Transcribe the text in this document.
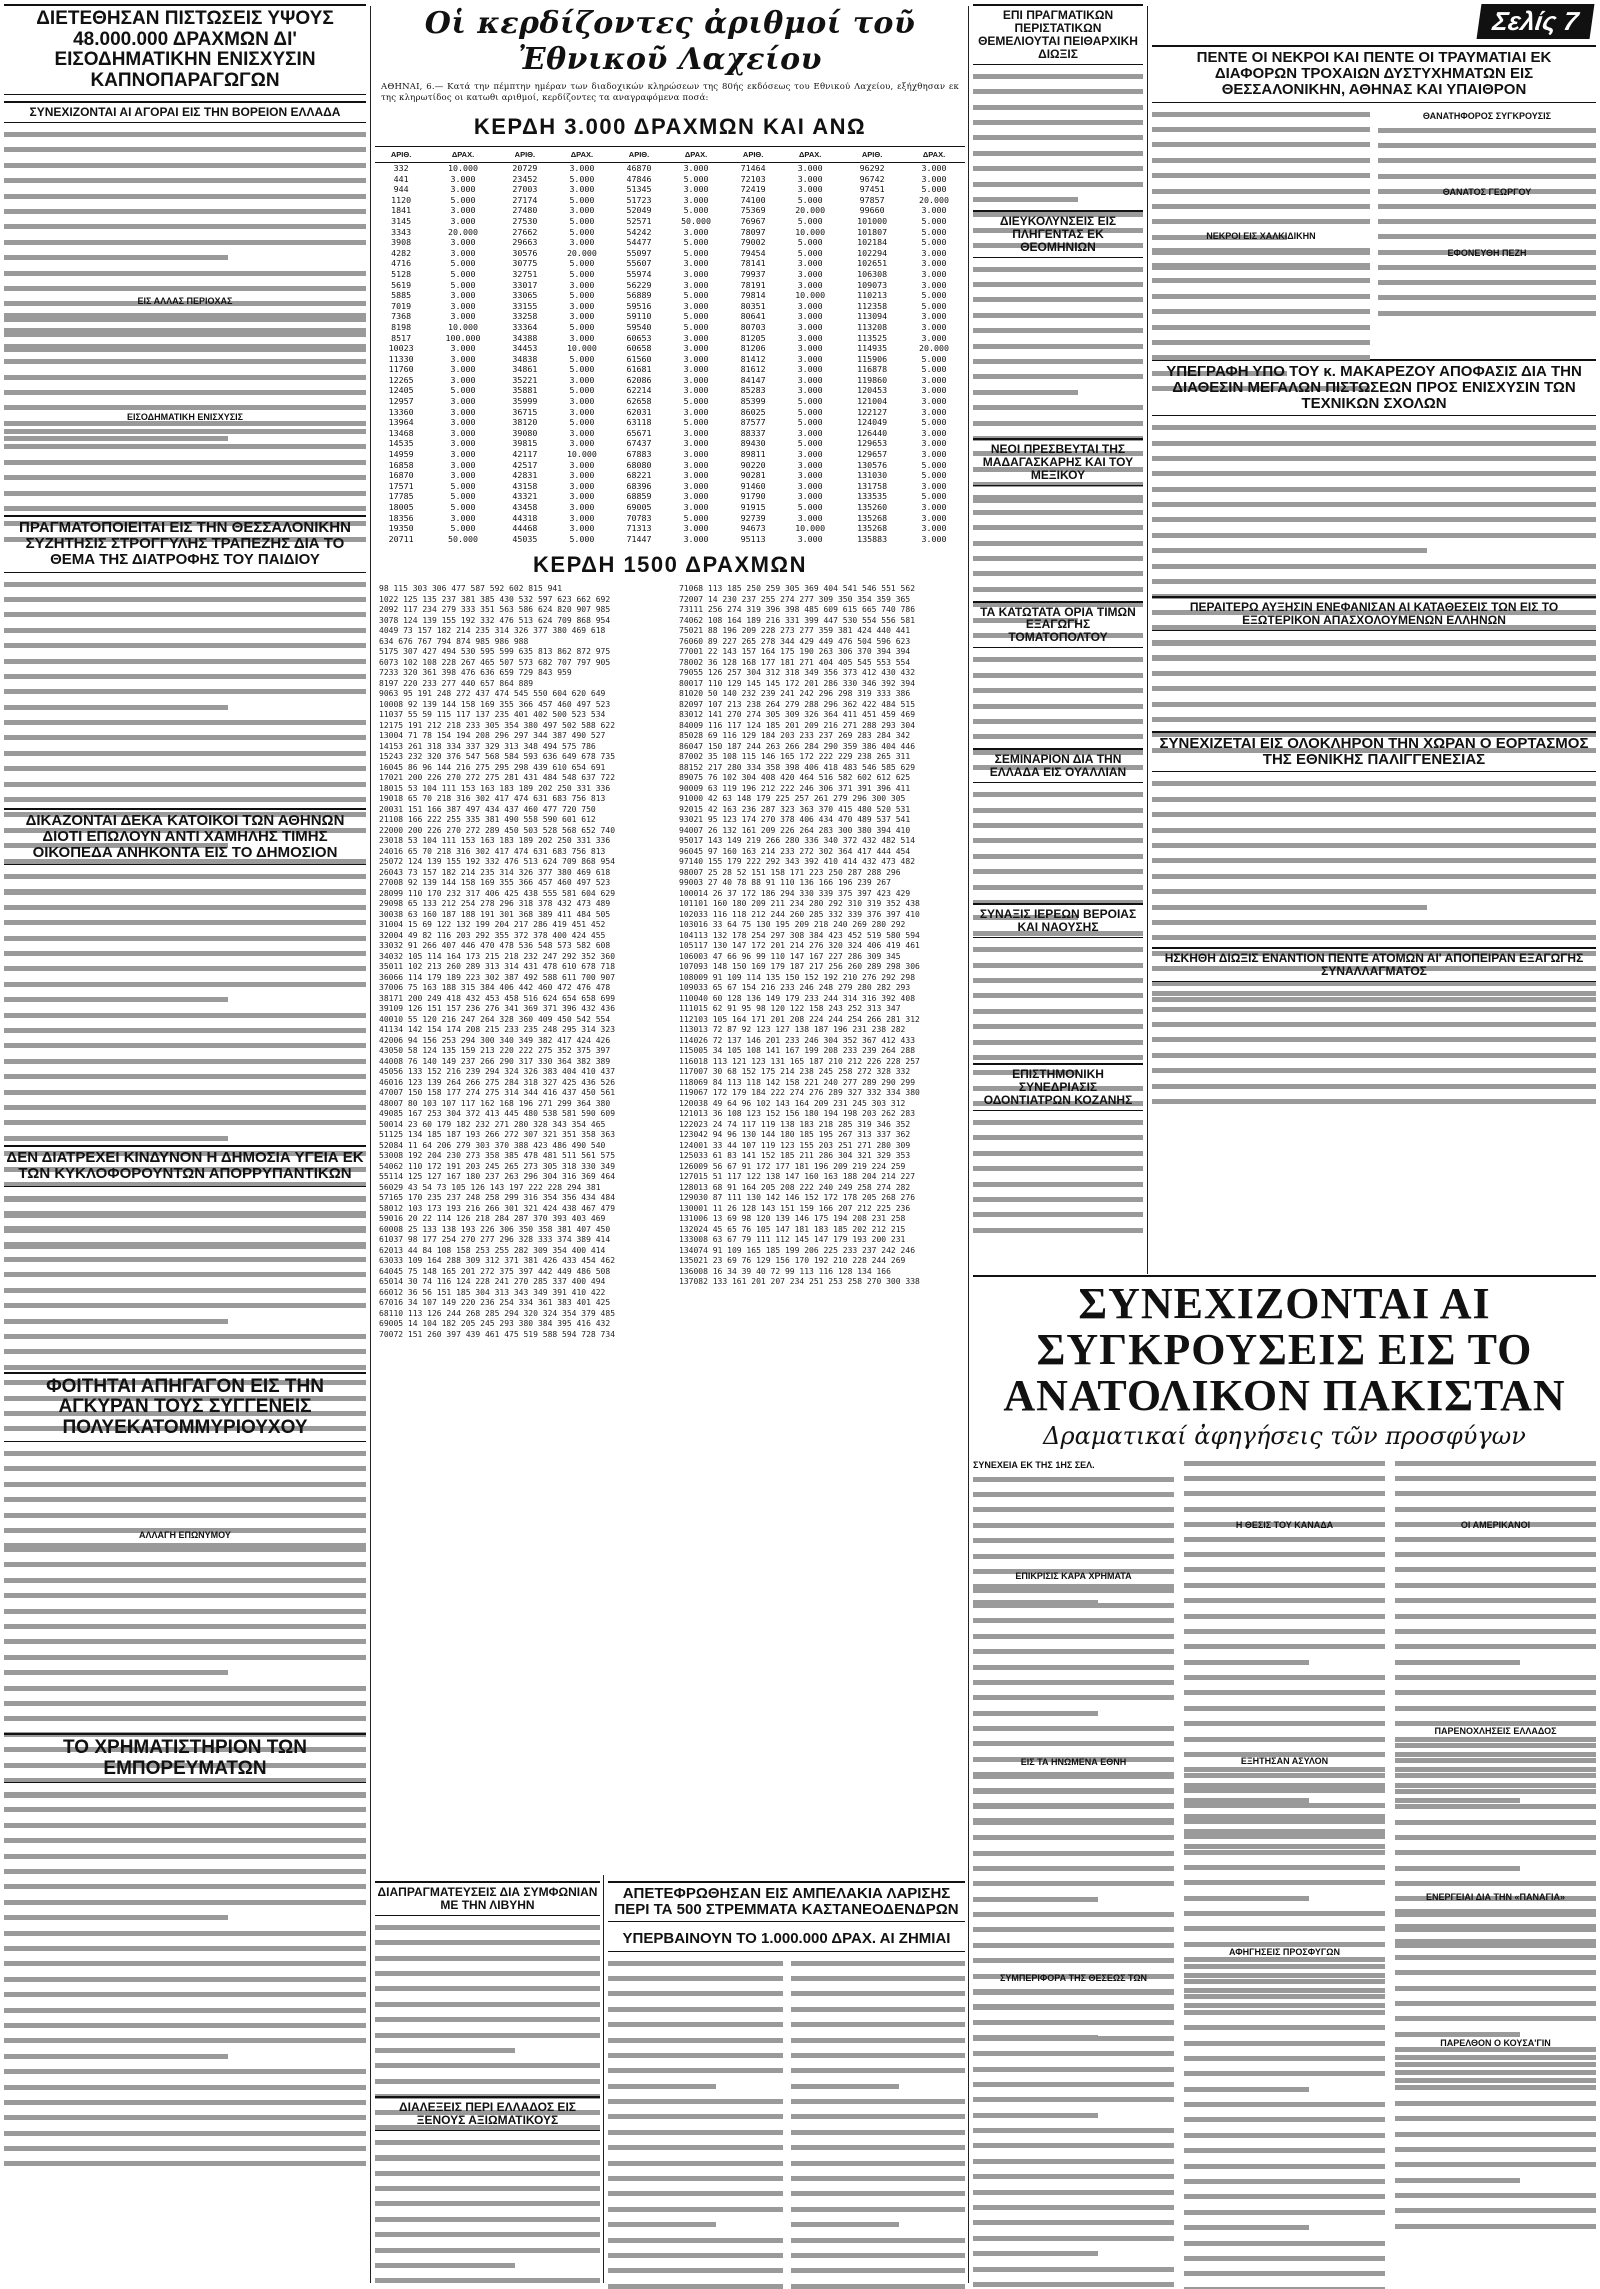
ΔΙΕΤΕΘΗΣΑΝ ΠΙΣΤΩΣΕΙΣ ΥΨΟΥΣ 48.000.000 ΔΡΑΧΜΩΝ ΔΙ' ΕΙΣΟΔΗΜΑΤΙΚΗΝ ΕΝΙΣΧΥΣΙΝ ΚΑΠΝΟΠΑΡΑΓΩΓΩΝ
ΣΥΝΕΧΙΖΟΝΤΑΙ ΑΙ ΑΓΟΡΑΙ ΕΙΣ ΤΗΝ ΒΟΡΕΙΟΝ ΕΛΛΑΔΑ
ΕΙΣ ΑΛΛΑΣ ΠΕΡΙΟΧΑΣ
ΕΙΣΟΔΗΜΑΤΙΚΗ ΕΝΙΣΧΥΣΙΣ
ΠΡΑΓΜΑΤΟΠΟΙΕΙΤΑΙ ΕΙΣ ΤΗΝ ΘΕΣΣΑΛΟΝΙΚΗΝ ΣΥΖΗΤΗΣΙΣ ΣΤΡΟΓΓΥΛΗΣ ΤΡΑΠΕΖΗΣ ΔΙΑ ΤΟ ΘΕΜΑ ΤΗΣ ΔΙΑΤΡΟΦΗΣ ΤΟΥ ΠΑΙΔΙΟΥ
ΔΙΚΑΖΟΝΤΑΙ ΔΕΚΑ ΚΑΤΟΙΚΟΙ ΤΩΝ ΑΘΗΝΩΝ ΔΙΟΤΙ ΕΠΩΛΟΥΝ ΑΝΤΙ ΧΑΜΗΛΗΣ ΤΙΜΗΣ ΟΙΚΟΠΕΔΑ ΑΝΗΚΟΝΤΑ ΕΙΣ ΤΟ ΔΗΜΟΣΙΟΝ
ΔΕΝ ΔΙΑΤΡΕΧΕΙ ΚΙΝΔΥΝΟΝ Η ΔΗΜΟΣΙΑ ΥΓΕΙΑ ΕΚ ΤΩΝ ΚΥΚΛΟΦΟΡΟΥΝΤΩΝ ΑΠΟΡΡΥΠΑΝΤΙΚΩΝ
ΦΟΙΤΗΤΑΙ ΑΠΗΓΑΓΟΝ ΕΙΣ ΤΗΝ ΑΓΚΥΡΑΝ ΤΟΥΣ ΣΥΓΓΕΝΕΙΣ ΠΟΛΥΕΚΑΤΟΜΜΥΡΙΟΥΧΟΥ
ΑΛΛΑΓΗ ΕΠΩΝΥΜΟΥ
ΤΟ ΧΡΗΜΑΤΙΣΤΗΡΙΟΝ ΤΩΝ ΕΜΠΟΡΕΥΜΑΤΩΝ
Οἱ κερδίζοντες ἀριθμοί τοῦ Ἐθνικοῦ Λαχείου
ΑΘΗΝΑΙ, 6.— Κατά την πέμπτην ημέραν των διαδοχικών κληρώσεων της 80ής εκδόσεως του Εθνικού Λαχείου, εξήχθησαν εκ της κληρωτίδος οι κατωθι αριθμοί, κερδίζοντες τα αναγραφόμενα ποσά:
ΚΕΡΔΗ 3.000 ΔΡΑΧΜΩΝ ΚΑΙ ΑΝΩ
ΑΡΙΘ.	ΔΡΑΧ.	ΑΡΙΘ.	ΔΡΑΧ.	ΑΡΙΘ.	ΔΡΑΧ.	ΑΡΙΘ.	ΔΡΑΧ.	ΑΡΙΘ.	ΔΡΑΧ.
332	10.000	20729	3.000	46870	3.000	71464	3.000	96292	3.000
441	3.000	23452	5.000	47846	5.000	72103	3.000	96742	3.000
944	3.000	27003	3.000	51345	3.000	72419	3.000	97451	5.000
1120	5.000	27174	5.000	51723	3.000	74100	5.000	97857	20.000
1841	3.000	27480	3.000	52049	5.000	75369	20.000	99660	3.000
3145	3.000	27530	5.000	52571	50.000	76967	5.000	101000	5.000
3343	20.000	27662	5.000	54242	3.000	78097	10.000	101807	5.000
3908	3.000	29663	3.000	54477	5.000	79002	5.000	102184	5.000
4282	3.000	30576	20.000	55097	5.000	79454	5.000	102294	3.000
4716	5.000	30775	5.000	55607	3.000	78141	3.000	102651	3.000
5128	5.000	32751	5.000	55974	3.000	79937	3.000	106308	3.000
5619	5.000	33017	3.000	56229	3.000	78191	3.000	109073	3.000
5885	3.000	33065	5.000	56889	5.000	79814	10.000	110213	5.000
7019	3.000	33155	3.000	59516	3.000	80351	3.000	112358	5.000
7368	3.000	33258	3.000	59110	5.000	80641	3.000	113094	3.000
8198	10.000	33364	5.000	59540	5.000	80703	3.000	113208	3.000
8517	100.000	34388	3.000	60653	3.000	81205	3.000	113525	3.000
10023	3.000	34453	10.000	60658	3.000	81206	3.000	114935	20.000
11330	3.000	34838	5.000	61560	3.000	81412	3.000	115906	5.000
11760	3.000	34861	5.000	61681	3.000	81612	3.000	116878	5.000
12265	3.000	35221	3.000	62086	3.000	84147	3.000	119860	3.000
12405	5.000	35881	5.000	62214	3.000	85283	3.000	120453	3.000
12957	3.000	35999	3.000	62658	5.000	85399	5.000	121004	3.000
13360	3.000	36715	3.000	62031	3.000	86025	5.000	122127	3.000
13964	3.000	38120	5.000	63118	5.000	87577	5.000	124049	5.000
13468	3.000	39080	3.000	65671	3.000	88337	3.000	126440	3.000
14535	3.000	39815	3.000	67437	3.000	89430	5.000	129653	3.000
14959	3.000	42117	10.000	67883	3.000	89811	3.000	129657	3.000
16858	3.000	42517	3.000	68080	3.000	90220	3.000	130576	5.000
16870	3.000	42831	3.000	68221	3.000	90281	3.000	131030	5.000
17571	5.000	43158	3.000	68396	3.000	91460	3.000	131758	3.000
17785	5.000	43321	3.000	68859	3.000	91790	3.000	133535	5.000
18005	5.000	43458	3.000	69005	3.000	91915	5.000	135260	3.000
18356	3.000	44318	3.000	70783	5.000	92739	3.000	135268	3.000
19350	5.000	44468	3.000	71313	3.000	94673	10.000	135268	3.000
20711	50.000	45035	5.000	71447	3.000	95113	3.000	135883	3.000
ΚΕΡΔΗ 1500 ΔΡΑΧΜΩΝ
98 115 303 306 477 587 592 602 815 941
1022 125 135 237 381 385 430 532 597 623 662 692
2092 117 234 279 333 351 563 586 624 820 907 985
3078 124 139 155 192 332 476 513 624 709 868 954
4049 73 157 182 214 235 314 326 377 380 469 618
634 676 767 794 874 985 986 988
5175 307 427 494 530 595 599 635 813 862 872 975
6073 102 108 228 267 465 507 573 682 707 797 905
7233 320 361 398 476 636 659 729 843 959
8197 220 233 277 440 657 864 889
9063 95 191 248 272 437 474 545 550 604 620 649
10008 92 139 144 158 169 355 366 457 460 497 523
11037 55 59 115 117 137 235 401 402 500 523 534
12175 191 212 218 233 305 354 380 497 502 588 622
13004 71 78 154 194 208 296 297 344 387 490 527
14153 261 318 334 337 329 313 348 494 575 786
15243 232 320 376 547 568 584 593 636 649 678 735
16045 86 96 144 216 275 295 298 439 610 654 691
17021 200 226 270 272 275 281 431 484 548 637 722
18015 53 104 111 153 163 183 189 202 250 331 336
19018 65 70 218 316 302 417 474 631 683 756 813
20031 151 166 387 497 434 437 460 477 720 750
21108 166 222 255 335 381 490 558 590 601 612
22000 200 226 270 272 289 450 503 528 568 652 740
23018 53 104 111 153 163 183 189 202 250 331 336
24016 65 70 218 316 302 417 474 631 683 756 813
25072 124 139 155 192 332 476 513 624 709 868 954
26043 73 157 182 214 235 314 326 377 380 469 618
27008 92 139 144 158 169 355 366 457 460 497 523
28099 110 170 232 317 406 425 438 555 581 604 629
29098 65 133 212 254 278 296 318 378 432 473 489
30038 63 160 187 188 191 301 368 389 411 484 505
31004 15 69 122 132 199 204 217 286 419 451 452
32004 49 82 116 203 292 355 372 378 400 424 455
33032 91 266 407 446 470 478 536 548 573 582 608
34032 105 114 164 173 215 218 232 247 292 352 360
35011 102 213 260 289 313 314 431 478 610 678 718
36066 114 179 189 223 302 387 492 588 611 700 907
37006 75 163 188 315 384 406 442 460 472 476 478
38171 200 249 418 432 453 458 516 624 654 658 699
39109 126 151 157 236 276 341 369 371 396 432 436
40010 55 120 216 247 264 328 360 409 450 542 554
41134 142 154 174 208 215 233 235 248 295 314 323
42006 94 156 253 294 300 340 349 382 417 424 426
43050 58 124 135 159 213 220 222 275 352 375 397
44008 76 140 149 237 266 290 317 330 364 382 389
45056 133 152 216 239 294 324 326 383 404 410 437
46016 123 139 264 266 275 284 318 327 425 436 526
47007 150 158 177 274 275 314 344 416 437 450 561
48007 80 103 107 117 162 168 196 271 299 364 380
49085 167 253 304 372 413 445 480 538 581 590 609
50014 23 60 179 182 232 271 280 328 343 354 465
51125 134 185 187 193 266 272 307 321 351 358 363
52084 11 64 206 279 303 370 388 423 486 490 540
53008 192 204 230 273 358 385 478 481 511 561 575
54062 110 172 191 203 245 265 273 305 318 330 349
55114 125 127 167 180 237 263 296 304 316 369 464
56029 43 54 73 105 126 143 197 222 228 294 381
57165 170 235 237 248 258 299 316 354 356 434 484
58012 103 173 193 216 266 301 321 424 438 467 479
59016 20 22 114 126 218 284 287 370 393 403 469
60008 25 133 138 193 226 306 350 358 381 407 450
61037 98 177 254 270 277 296 328 333 374 389 414
62013 44 84 108 158 253 255 282 309 354 400 414
63033 109 164 288 309 312 371 381 426 433 454 462
64045 75 148 165 201 272 375 397 442 449 486 508
65014 30 74 116 124 228 241 270 285 337 400 494
66012 36 56 151 185 304 313 343 349 391 410 422
67016 34 107 149 220 236 254 334 361 383 401 425
68110 113 126 244 268 285 294 320 324 354 379 485
69005 14 104 182 205 245 293 380 384 395 416 432
70072 151 260 397 439 461 475 519 588 594 728 734
71068 113 185 250 259 305 369 404 541 546 551 562
72007 14 230 237 255 274 277 309 350 354 359 365
73111 256 274 319 396 398 485 609 615 665 740 786
74062 108 164 189 216 331 399 447 530 554 556 581
75021 88 196 209 228 273 277 359 381 424 440 441
76060 89 227 265 278 344 429 449 476 504 596 623
77001 22 143 157 164 175 190 263 306 370 394 394
78002 36 128 168 177 181 271 404 405 545 553 554
79055 126 257 304 312 318 349 356 373 412 430 432
80017 110 129 145 145 172 201 286 330 346 392 394
81020 50 140 232 239 241 242 296 298 319 333 386
82097 107 213 238 264 279 288 296 362 422 484 515
83012 141 270 274 305 309 326 364 411 451 459 469
84009 116 117 124 185 201 209 216 271 288 293 304
85028 69 116 129 184 203 233 237 269 283 284 342
86047 150 187 244 263 266 284 290 359 386 404 446
87002 35 108 115 146 165 172 222 229 238 265 311
88152 217 280 334 358 398 406 418 483 546 585 629
89075 76 102 304 408 420 464 516 582 602 612 625
90009 63 119 196 212 222 246 306 371 391 396 411
91000 42 63 148 179 225 257 261 279 296 300 305
92015 42 163 236 287 323 363 370 415 480 520 531
93021 95 123 174 270 378 406 434 470 489 537 541
94007 26 132 161 209 226 264 283 300 380 394 410
95017 143 149 219 266 280 336 340 372 432 482 514
96045 97 160 163 214 233 272 302 364 417 444 454
97140 155 179 222 292 343 392 410 414 432 473 482
98007 25 28 52 151 158 171 223 250 287 288 296
99003 27 40 78 88 91 110 136 166 196 239 267
100014 26 37 172 186 294 330 339 375 397 423 429
101101 160 180 209 211 234 280 292 310 319 352 438
102033 116 118 212 244 260 285 332 339 376 397 410
103016 33 64 75 130 195 209 218 240 269 280 292
104113 132 178 254 297 308 384 423 452 519 580 594
105117 130 147 172 201 214 276 320 324 406 419 461
106003 47 66 96 99 110 147 167 227 286 309 345
107093 148 150 169 179 187 217 256 260 289 298 306
108009 91 109 114 135 150 152 192 210 276 292 298
109033 65 67 154 216 233 246 248 279 280 282 293
110040 60 128 136 149 179 233 244 314 316 392 408
111015 62 91 95 98 120 122 158 243 252 313 347
112103 105 164 171 201 208 224 244 254 266 281 312
113013 72 87 92 123 127 138 187 196 231 238 282
114026 72 137 146 201 233 246 304 352 367 412 433
115005 34 105 108 141 167 199 208 233 239 264 288
116018 113 121 123 131 165 187 210 212 226 228 257
117007 30 68 152 175 214 238 245 258 272 328 332
118069 84 113 118 142 158 221 240 277 289 290 299
119067 172 179 184 222 274 276 289 327 332 334 380
120038 49 64 96 102 143 164 209 231 245 303 312
121013 36 108 123 152 156 180 194 198 203 262 283
122023 24 74 117 119 138 183 218 285 319 346 352
123042 94 96 130 144 180 185 195 267 313 337 362
124001 33 44 107 119 123 155 203 251 271 280 309
125033 61 83 141 152 185 211 286 304 321 329 353
126009 56 67 91 172 177 181 196 209 219 224 259
127015 51 117 122 138 147 160 163 188 204 214 227
128013 68 91 164 205 208 222 240 249 258 274 282
129030 87 111 130 142 146 152 172 178 205 268 276
130001 11 26 128 143 151 159 166 207 212 225 236
131006 13 69 98 120 139 146 175 194 208 231 258
132024 45 65 76 105 147 181 183 185 202 212 215
133008 63 67 79 111 112 145 147 179 193 200 231
134074 91 109 165 185 199 206 225 233 237 242 246
135021 23 69 76 129 156 170 192 210 228 244 269
136008 16 34 39 40 72 99 113 116 128 134 166
137082 133 161 201 207 234 251 253 258 270 300 338
ΕΠΙ ΠΡΑΓΜΑΤΙΚΩΝ ΠΕΡΙΣΤΑΤΙΚΩΝ ΘΕΜΕΛΙΟΥΤΑΙ ΠΕΙΘΑΡΧΙΚΗ ΔΙΩΞΙΣ
ΔΙΕΥΚΟΛΥΝΣΕΙΣ ΕΙΣ ΠΛΗΓΕΝΤΑΣ ΕΚ ΘΕΟΜΗΝΙΩΝ
ΝΕΟΙ ΠΡΕΣΒΕΥΤΑΙ ΤΗΣ ΜΑΔΑΓΑΣΚΑΡΗΣ ΚΑΙ ΤΟΥ ΜΕΞΙΚΟΥ
ΤΑ ΚΑΤΩΤΑΤΑ ΟΡΙΑ ΤΙΜΩΝ ΕΞΑΓΩΓΗΣ ΤΟΜΑΤΟΠΟΛΤΟΥ
ΣΕΜΙΝΑΡΙΟΝ ΔΙΑ ΤΗΝ ΕΛΛΑΔΑ ΕΙΣ ΟΥΑΛΛΙΑΝ
ΣΥΝΑΞΙΣ ΙΕΡΕΩΝ ΒΕΡΟΙΑΣ ΚΑΙ ΝΑΟΥΣΗΣ
ΕΠΙΣΤΗΜΟΝΙΚΗ ΣΥΝΕΔΡΙΑΣΙΣ ΟΔΟΝΤΙΑΤΡΩΝ ΚΟΖΑΝΗΣ
Σελίς 7
ΠΕΝΤΕ ΟΙ ΝΕΚΡΟΙ ΚΑΙ ΠΕΝΤΕ ΟΙ ΤΡΑΥΜΑΤΙΑΙ ΕΚ ΔΙΑΦΟΡΩΝ ΤΡΟΧΑΙΩΝ ΔΥΣΤΥΧΗΜΑΤΩΝ ΕΙΣ ΘΕΣΣΑΛΟΝΙΚΗΝ, ΑΘΗΝΑΣ ΚΑΙ ΥΠΑΙΘΡΟΝ
ΝΕΚΡΟΙ ΕΙΣ ΧΑΛΚΙΔΙΚΗΝ
ΘΑΝΑΤΗΦΟΡΟΣ ΣΥΓΚΡΟΥΣΙΣ
ΘΑΝΑΤΟΣ ΓΕΩΡΓΟΥ
ΕΦΟΝΕΥΘΗ ΠΕΖΗ
ΥΠΕΓΡΑΦΗ ΥΠΟ ΤΟΥ κ. ΜΑΚΑΡΕΖΟΥ ΑΠΟΦΑΣΙΣ ΔΙΑ ΤΗΝ ΔΙΑΘΕΣΙΝ ΜΕΓΑΛΩΝ ΠΙΣΤΩΣΕΩΝ ΠΡΟΣ ΕΝΙΣΧΥΣΙΝ ΤΩΝ ΤΕΧΝΙΚΩΝ ΣΧΟΛΩΝ
ΠΕΡΑΙΤΕΡΩ ΑΥΞΗΣΙΝ ΕΝΕΦΑΝΙΣΑΝ ΑΙ ΚΑΤΑΘΕΣΕΙΣ ΤΩΝ ΕΙΣ ΤΟ ΕΞΩΤΕΡΙΚΟΝ ΑΠΑΣΧΟΛΟΥΜΕΝΩΝ ΕΛΛΗΝΩΝ
ΣΥΝΕΧΙΖΕΤΑΙ ΕΙΣ ΟΛΟΚΛΗΡΟΝ ΤΗΝ ΧΩΡΑΝ Ο ΕΟΡΤΑΣΜΟΣ ΤΗΣ ΕΘΝΙΚΗΣ ΠΑΛΙΓΓΕΝΕΣΙΑΣ
ΗΣΚΗΘΗ ΔΙΩΞΙΣ ΕΝΑΝΤΙΟΝ ΠΕΝΤΕ ΑΤΟΜΩΝ ΑΙ' ΑΠΟΠΕΙΡΑΝ ΕΞΑΓΩΓΗΣ ΣΥΝΑΛΛΑΓΜΑΤΟΣ
ΣΥΝΕΧΙΖΟΝΤΑΙ ΑΙ ΣΥΓΚΡΟΥΣΕΙΣ ΕΙΣ ΤΟ ΑΝΑΤΟΛΙΚΟΝ ΠΑΚΙΣΤΑΝ
Δραματικαί ἀφηγήσεις τῶν προσφύγων
ΣΥΝΕΧΕΙΑ ΕΚ ΤΗΣ 1ΗΣ ΣΕΛ.
ΕΠΙΚΡΙΣΙΣ ΚΑΡΑ ΧΡΗΜΑΤΑ
ΕΙΣ ΤΑ ΗΝΩΜΕΝΑ ΕΘΝΗ
ΣΥΜΠΕΡΙΦΟΡΑ ΤΗΣ ΘΕΣΕΩΣ ΤΩΝ
Η ΘΕΣΙΣ ΤΟΥ ΚΑΝΑΔΑ
ΕΞΗΤΗΣΑΝ ΑΣΥΛΟΝ
ΑΦΗΓΗΣΕΙΣ ΠΡΟΣΦΥΓΩΝ
ΟΙ ΑΜΕΡΙΚΑΝΟΙ
ΠΑΡΕΝΟΧΛΗΣΕΙΣ ΕΛΛΑΔΟΣ
ΕΝΕΡΓΕΙΑΙ ΔΙΑ ΤΗΝ «ΠΑΝΑΓΙΑ»
ΠΑΡΕΛΘΟΝ Ο ΚΟΥΣΑ'ΓΙΝ
ΔΙΑΠΡΑΓΜΑΤΕΥΣΕΙΣ ΔΙΑ ΣΥΜΦΩΝΙΑΝ ΜΕ ΤΗΝ ΛΙΒΥΗΝ
ΔΙΑΛΕΞΕΙΣ ΠΕΡΙ ΕΛΛΑΔΟΣ ΕΙΣ ΞΕΝΟΥΣ ΑΞΙΩΜΑΤΙΚΟΥΣ
ΑΠΕΤΕΦΡΩΘΗΣΑΝ ΕΙΣ ΑΜΠΕΛΑΚΙΑ ΛΑΡΙΣΗΣ ΠΕΡΙ ΤΑ 500 ΣΤΡΕΜΜΑΤΑ ΚΑΣΤΑΝΕΟΔΕΝΔΡΩΝ
ΥΠΕΡΒΑΙΝΟΥΝ ΤΟ 1.000.000 ΔΡΑΧ. ΑΙ ΖΗΜΙΑΙ
